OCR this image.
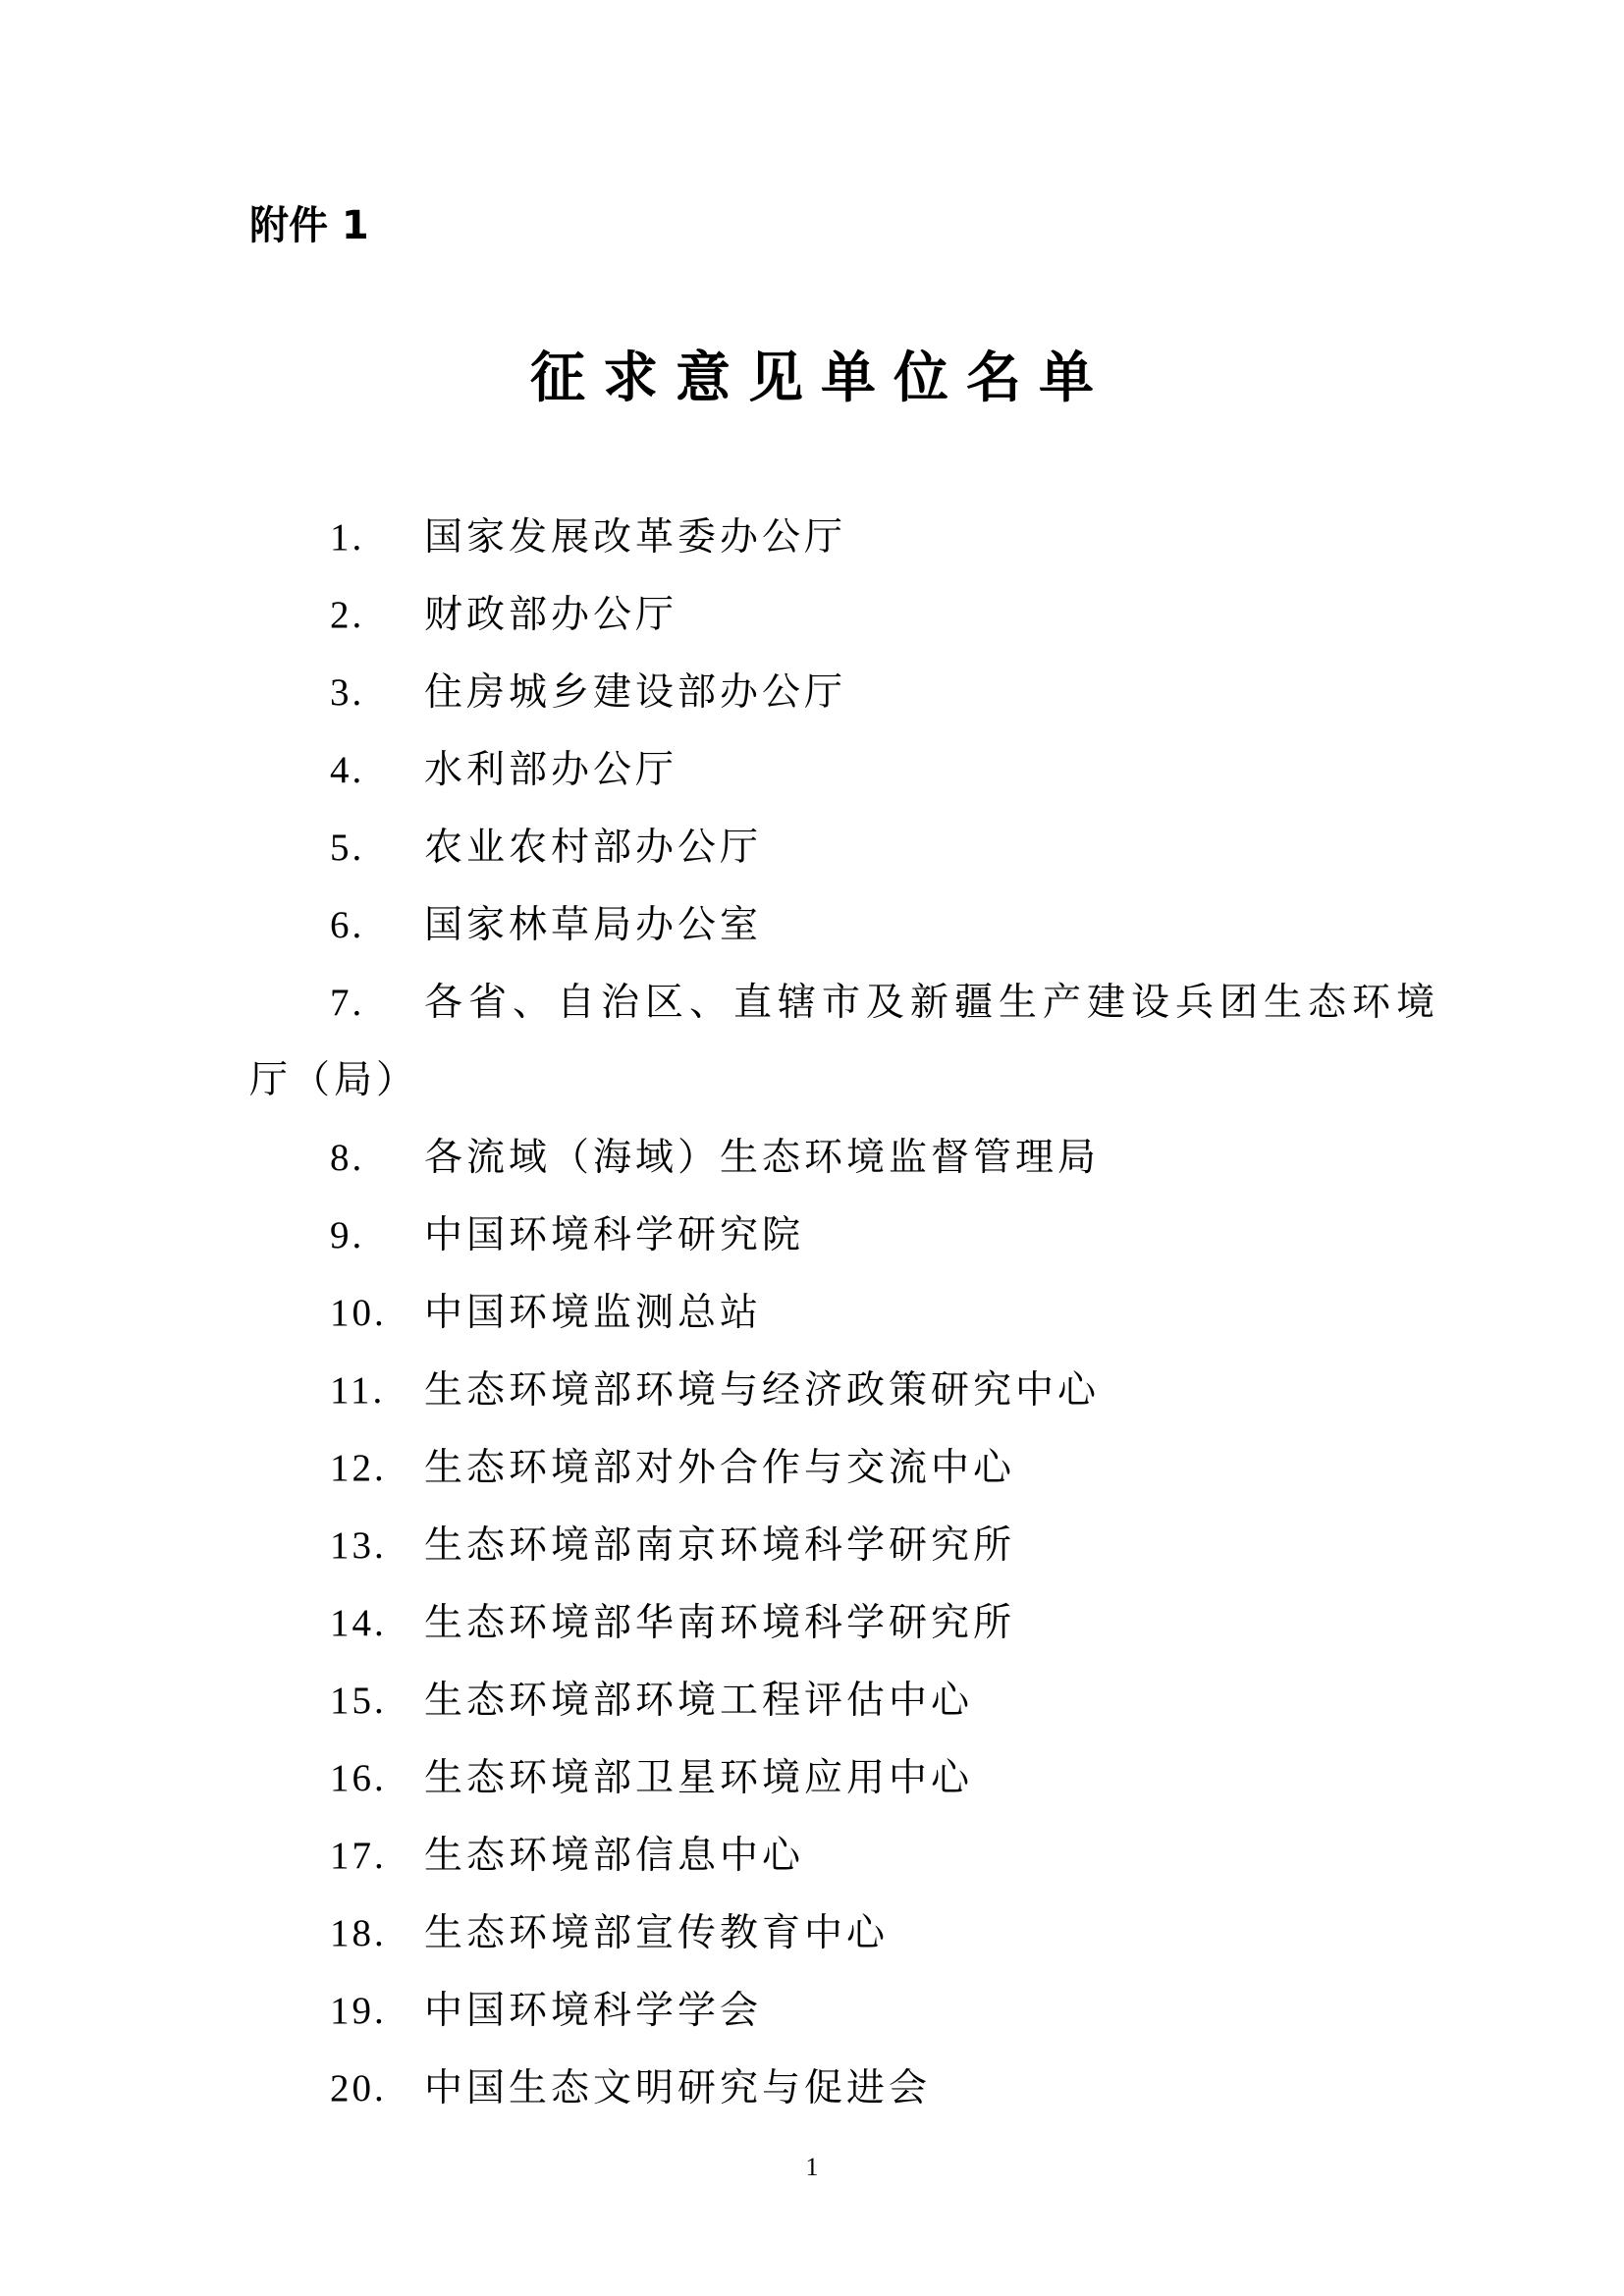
附件 1
征求意见单位名单
1. 国家发展改革委办公厅
2. 财政部办公厅
3. 住房城乡建设部办公厅
4. 水利部办公厅
5. 农业农村部办公厅
6. 国家林草局办公室
7.	各省、自治区、直辖市及新疆生产建设兵团生态环境
厅（局）
8. 各流域（海域）生态环境监督管理局
9. 中国环境科学研究院
10. 中国环境监测总站
11. 生态环境部环境与经济政策研究中心
12. 生态环境部对外合作与交流中心
13. 生态环境部南京环境科学研究所
14. 生态环境部华南环境科学研究所
15. 生态环境部环境工程评估中心
16. 生态环境部卫星环境应用中心
17. 生态环境部信息中心
18. 生态环境部宣传教育中心
19. 中国环境科学学会
20. 中国生态文明研究与促进会
1
